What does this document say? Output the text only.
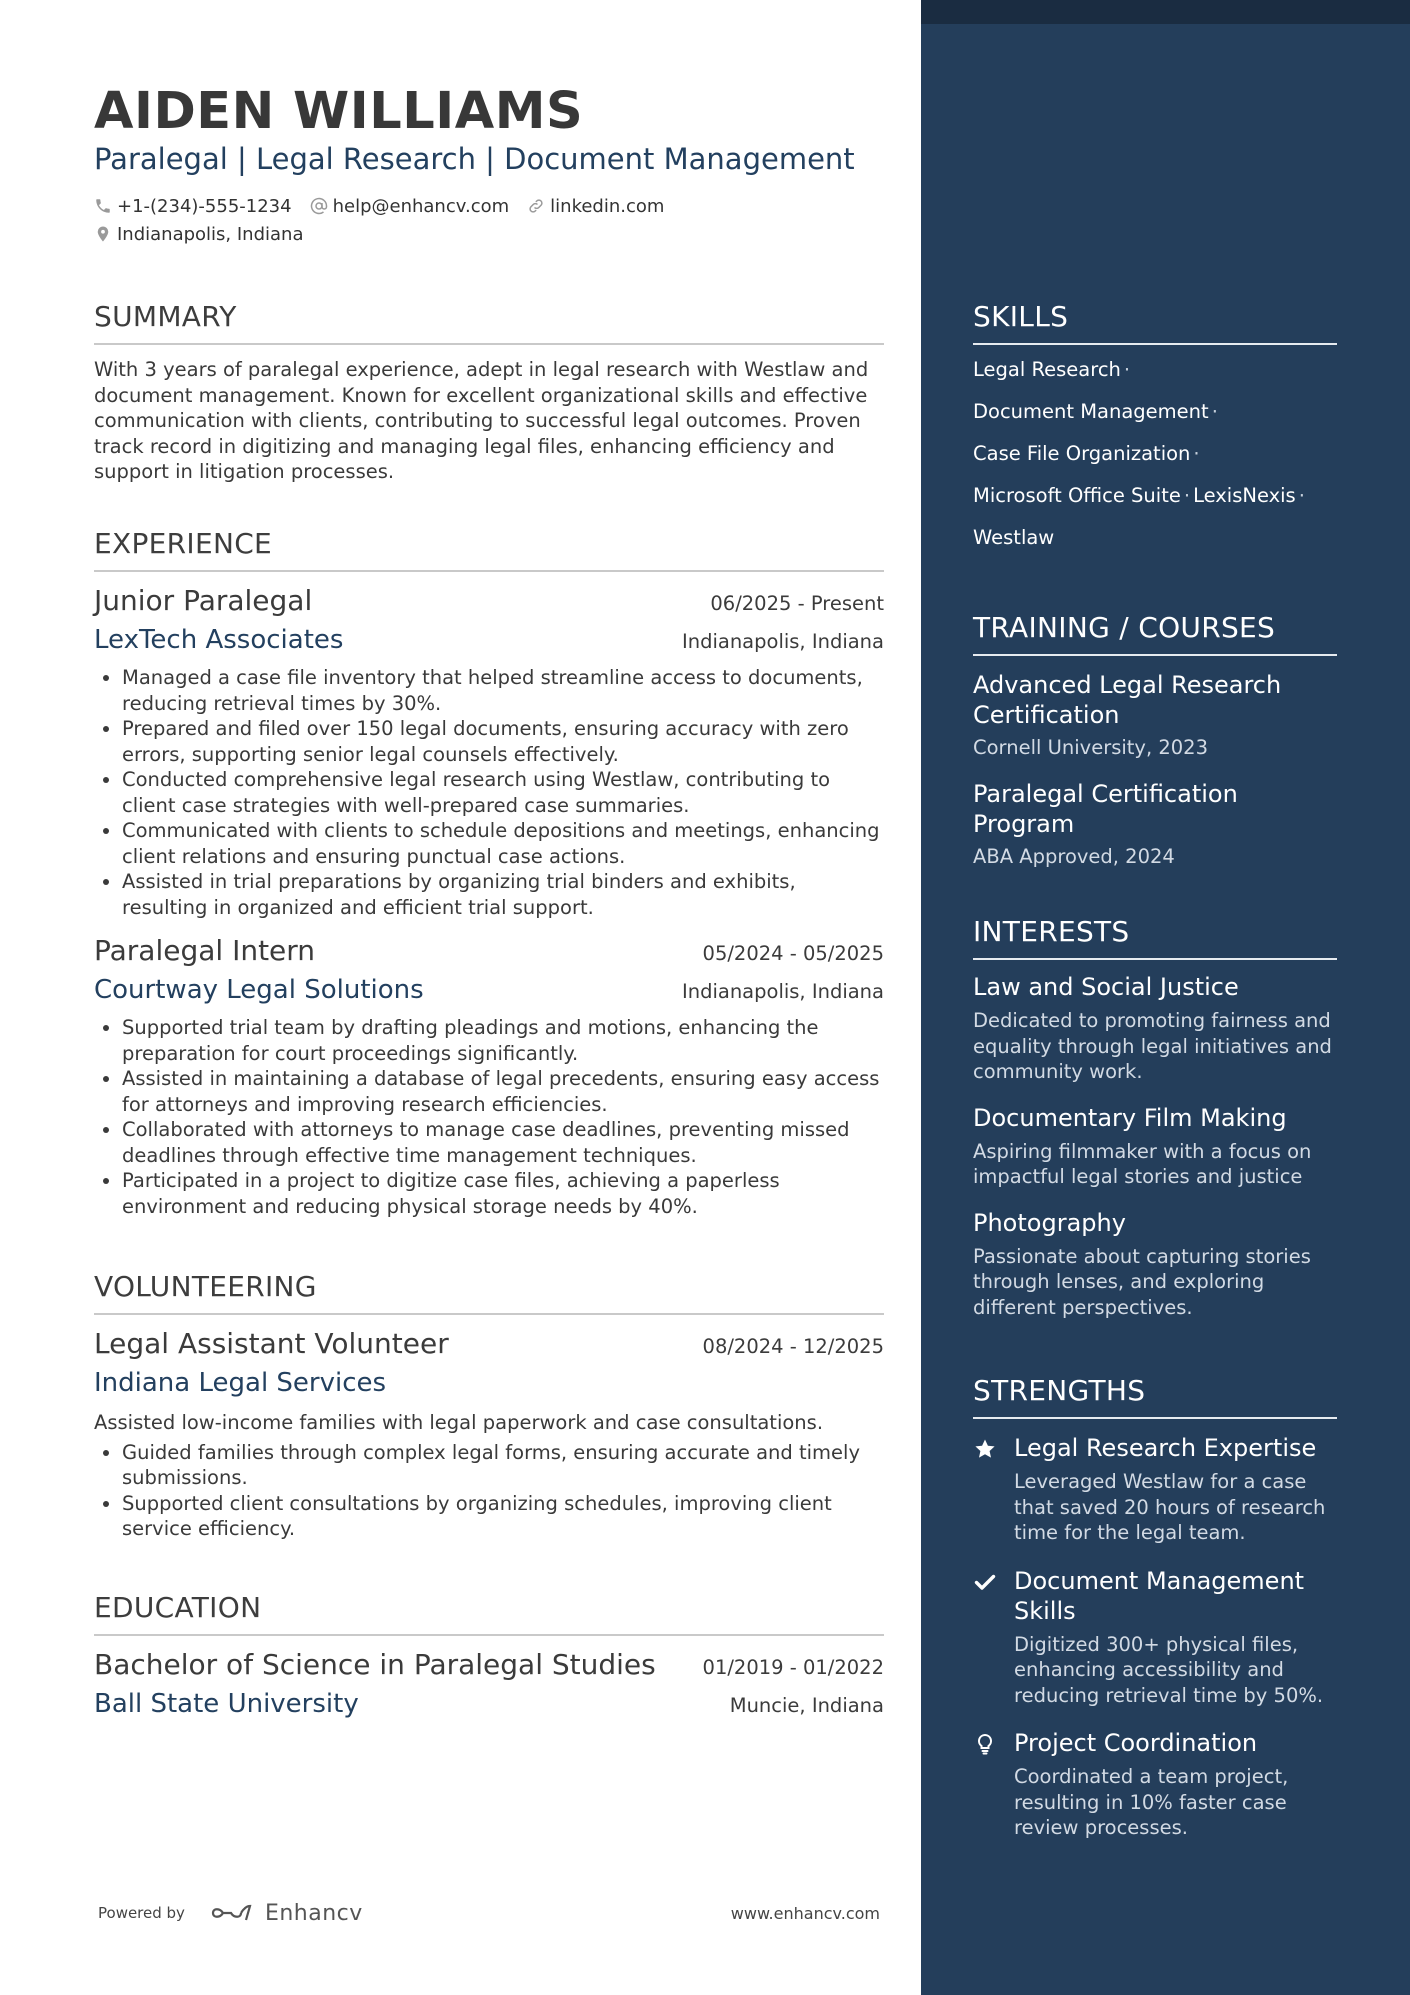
AIDEN WILLIAMS
Paralegal | Legal Research | Document Management
+1-(234)-555-1234 help@enhancv.com linkedin.com
Indianapolis, Indiana
SUMMARY
With 3 years of paralegal experience, adept in legal research with Westlaw and document management. Known for excellent organizational skills and effective communication with clients, contributing to successful legal outcomes. Proven track record in digitizing and managing legal files, enhancing efficiency and support in litigation processes.
EXPERIENCE
Junior Paralegal	06/2025 - Present
LexTech Associates	Indianapolis, Indiana
• Managed a case file inventory that helped streamline access to documents, reducing retrieval times by 30%.
• Prepared and filed over 150 legal documents, ensuring accuracy with zero errors, supporting senior legal counsels effectively.
• Conducted comprehensive legal research using Westlaw, contributing to client case strategies with well-prepared case summaries.
• Communicated with clients to schedule depositions and meetings, enhancing client relations and ensuring punctual case actions.
• Assisted in trial preparations by organizing trial binders and exhibits, resulting in organized and efficient trial support.
Paralegal Intern	05/2024 - 05/2025
Courtway Legal Solutions	Indianapolis, Indiana
• Supported trial team by drafting pleadings and motions, enhancing the preparation for court proceedings significantly.
• Assisted in maintaining a database of legal precedents, ensuring easy access for attorneys and improving research efficiencies.
• Collaborated with attorneys to manage case deadlines, preventing missed deadlines through effective time management techniques.
• Participated in a project to digitize case files, achieving a paperless environment and reducing physical storage needs by 40%.
VOLUNTEERING
Legal Assistant Volunteer	08/2024 - 12/2025
Indiana Legal Services
Assisted low-income families with legal paperwork and case consultations.
• Guided families through complex legal forms, ensuring accurate and timely submissions.
• Supported client consultations by organizing schedules, improving client service efficiency.
EDUCATION
Bachelor of Science in Paralegal Studies 01/2019 - 01/2022
Ball State University	Muncie, Indiana
Powered by	Enhancv	www.enhancv.com
SKILLS
Legal Research ·
Document Management ·
Case File Organization ·
Microsoft Office Suite · LexisNexis ·
Westlaw
TRAINING / COURSES
Advanced Legal Research Certification
Cornell University, 2023
Paralegal Certification Program
ABA Approved, 2024
INTERESTS
Law and Social Justice
Dedicated to promoting fairness and equality through legal initiatives and community work.
Documentary Film Making
Aspiring filmmaker with a focus on impactful legal stories and justice
Photography
Passionate about capturing stories through lenses, and exploring different perspectives.
STRENGTHS
Legal Research Expertise
Leveraged Westlaw for a case that saved 20 hours of research time for the legal team.
Document Management Skills
Digitized 300+ physical files, enhancing accessibility and reducing retrieval time by 50%.
Project Coordination
Coordinated a team project, resulting in 10% faster case review processes.
